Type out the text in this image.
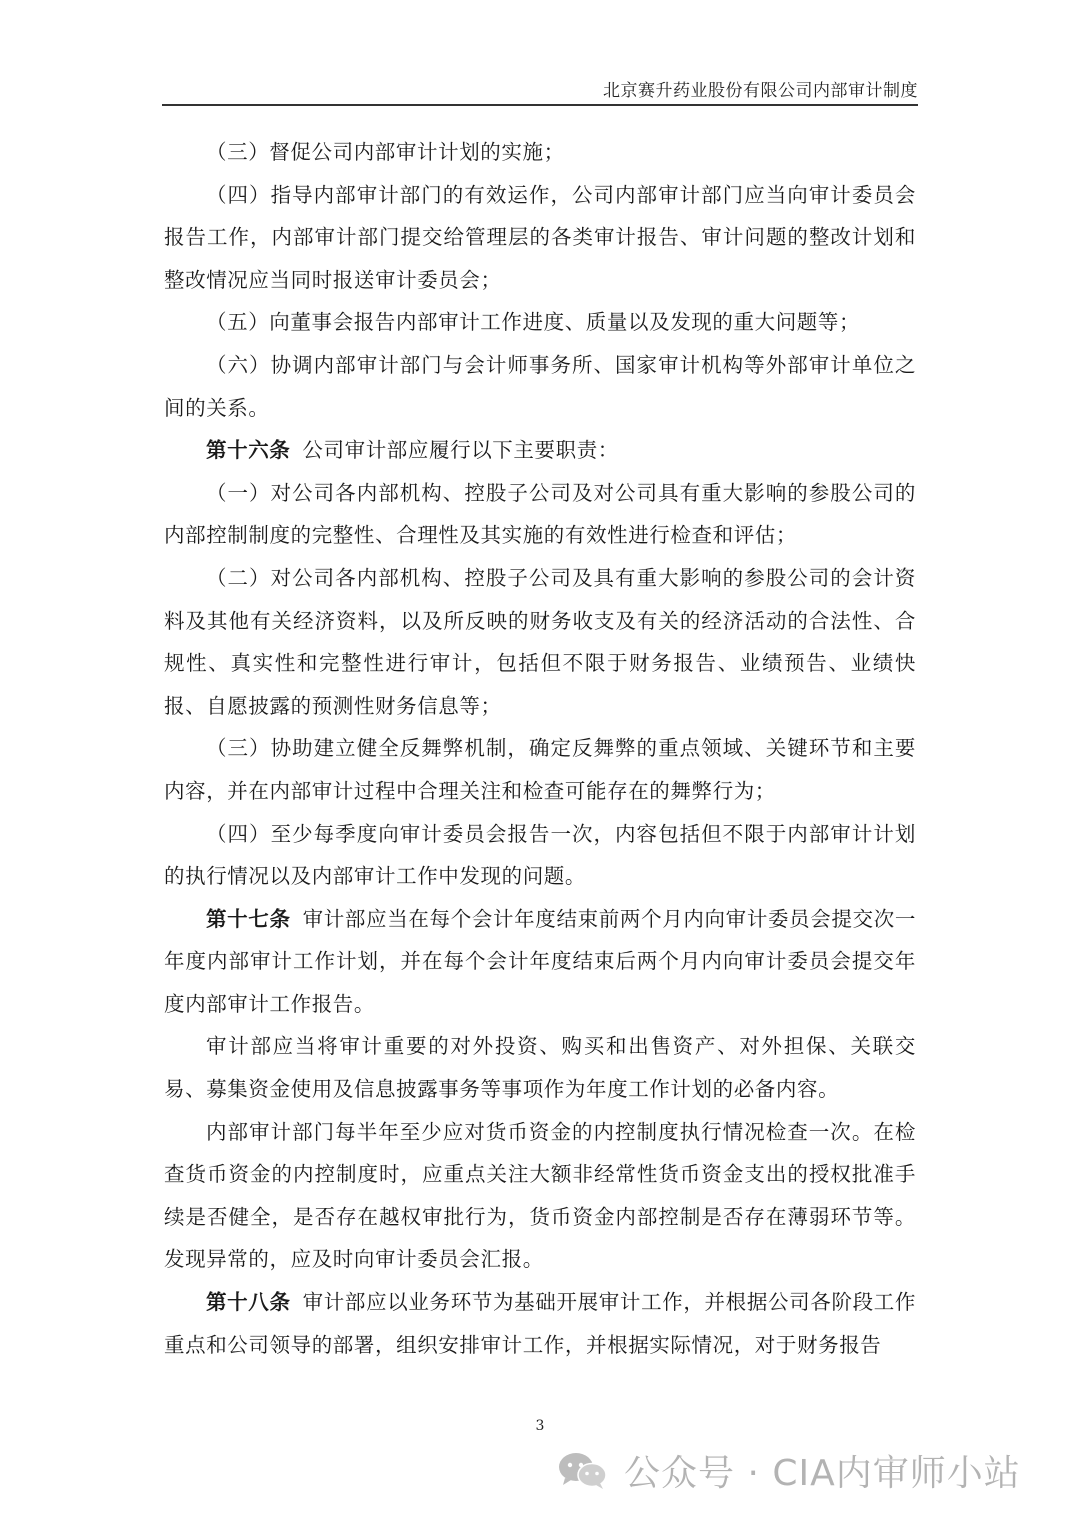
北京赛升药业股份有限公司内部审计制度

（三）督促公司内部审计计划的实施；

（四）指导内部审计部门的有效运作，公司内部审计部门应当向审计委员会报告工作，内部审计部门提交给管理层的各类审计报告、审计问题的整改计划和整改情况应当同时报送审计委员会；

（五）向董事会报告内部审计工作进度、质量以及发现的重大问题等；

（六）协调内部审计部门与会计师事务所、国家审计机构等外部审计单位之间的关系。

第十六条 公司审计部应履行以下主要职责：

（一）对公司各内部机构、控股子公司及对公司具有重大影响的参股公司的内部控制制度的完整性、合理性及其实施的有效性进行检查和评估；

（二）对公司各内部机构、控股子公司及具有重大影响的参股公司的会计资料及其他有关经济资料，以及所反映的财务收支及有关的经济活动的合法性、合规性、真实性和完整性进行审计，包括但不限于财务报告、业绩预告、业绩快报、自愿披露的预测性财务信息等；

（三）协助建立健全反舞弊机制，确定反舞弊的重点领域、关键环节和主要内容，并在内部审计过程中合理关注和检查可能存在的舞弊行为；

（四）至少每季度向审计委员会报告一次，内容包括但不限于内部审计计划的执行情况以及内部审计工作中发现的问题。

第十七条 审计部应当在每个会计年度结束前两个月内向审计委员会提交次一年度内部审计工作计划，并在每个会计年度结束后两个月内向审计委员会提交年度内部审计工作报告。

审计部应当将审计重要的对外投资、购买和出售资产、对外担保、关联交易、募集资金使用及信息披露事务等事项作为年度工作计划的必备内容。

内部审计部门每半年至少应对货币资金的内控制度执行情况检查一次。在检查货币资金的内控制度时，应重点关注大额非经常性货币资金支出的授权批准手续是否健全，是否存在越权审批行为，货币资金内部控制是否存在薄弱环节等。发现异常的，应及时向审计委员会汇报。

第十八条 审计部应以业务环节为基础开展审计工作，并根据公司各阶段工作重点和公司领导的部署，组织安排审计工作，并根据实际情况，对于财务报告

3
公众号 · CIA内审师小站
